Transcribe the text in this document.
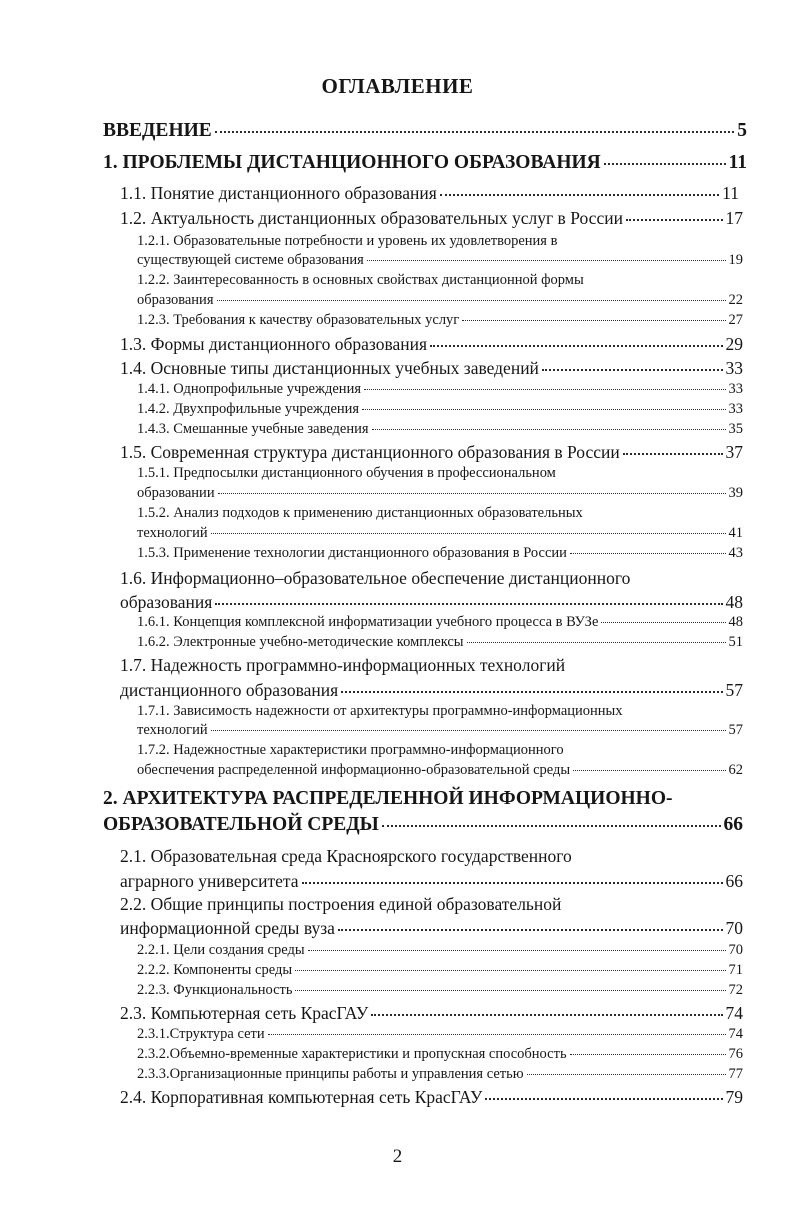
ОГЛАВЛЕНИЕ
ВВЕДЕНИЕ	5
1. ПРОБЛЕМЫ ДИСТАНЦИОННОГО ОБРАЗОВАНИЯ	11
1.1. Понятие дистанционного образования	11
1.2. Актуальность дистанционных образовательных услуг в России	17
1.2.1. Образовательные потребности и уровень их удовлетворения в
существующей системе образования	19
1.2.2. Заинтересованность в основных свойствах дистанционной формы
образования	22
1.2.3. Требования к качеству образовательных услуг	27
1.3. Формы дистанционного образования	29
1.4. Основные типы дистанционных учебных заведений	33
1.4.1. Однопрофильные учреждения	33
1.4.2. Двухпрофильные учреждения	33
1.4.3. Смешанные учебные заведения	35
1.5. Современная структура дистанционного образования в России	37
1.5.1. Предпосылки дистанционного обучения в профессиональном
образовании	39
1.5.2. Анализ подходов к применению дистанционных образовательных
технологий	41
1.5.3. Применение технологии дистанционного образования в России	43
1.6. Информационно–образовательное обеспечение дистанционного
образования	48
1.6.1. Концепция комплексной информатизации учебного процесса в ВУЗе	48
1.6.2. Электронные учебно-методические комплексы	51
1.7. Надежность программно-информационных технологий
дистанционного образования	57
1.7.1. Зависимость надежности от архитектуры программно-информационных
технологий	57
1.7.2. Надежностные характеристики программно-информационного
обеспечения распределенной информационно-образовательной среды	62
2. АРХИТЕКТУРА РАСПРЕДЕЛЕННОЙ ИНФОРМАЦИОННО-
ОБРАЗОВАТЕЛЬНОЙ СРЕДЫ	66
2.1. Образовательная среда Красноярского государственного
аграрного университета	66
2.2. Общие принципы построения единой образовательной
информационной среды вуза	70
2.2.1. Цели создания среды	70
2.2.2. Компоненты среды	71
2.2.3. Функциональность	72
2.3. Компьютерная сеть КрасГАУ	74
2.3.1.Структура сети	74
2.3.2.Объемно-временные характеристики и пропускная способность	76
2.3.3.Организационные принципы работы и управления сетью	77
2.4. Корпоративная компьютерная сеть КрасГАУ	79
2
